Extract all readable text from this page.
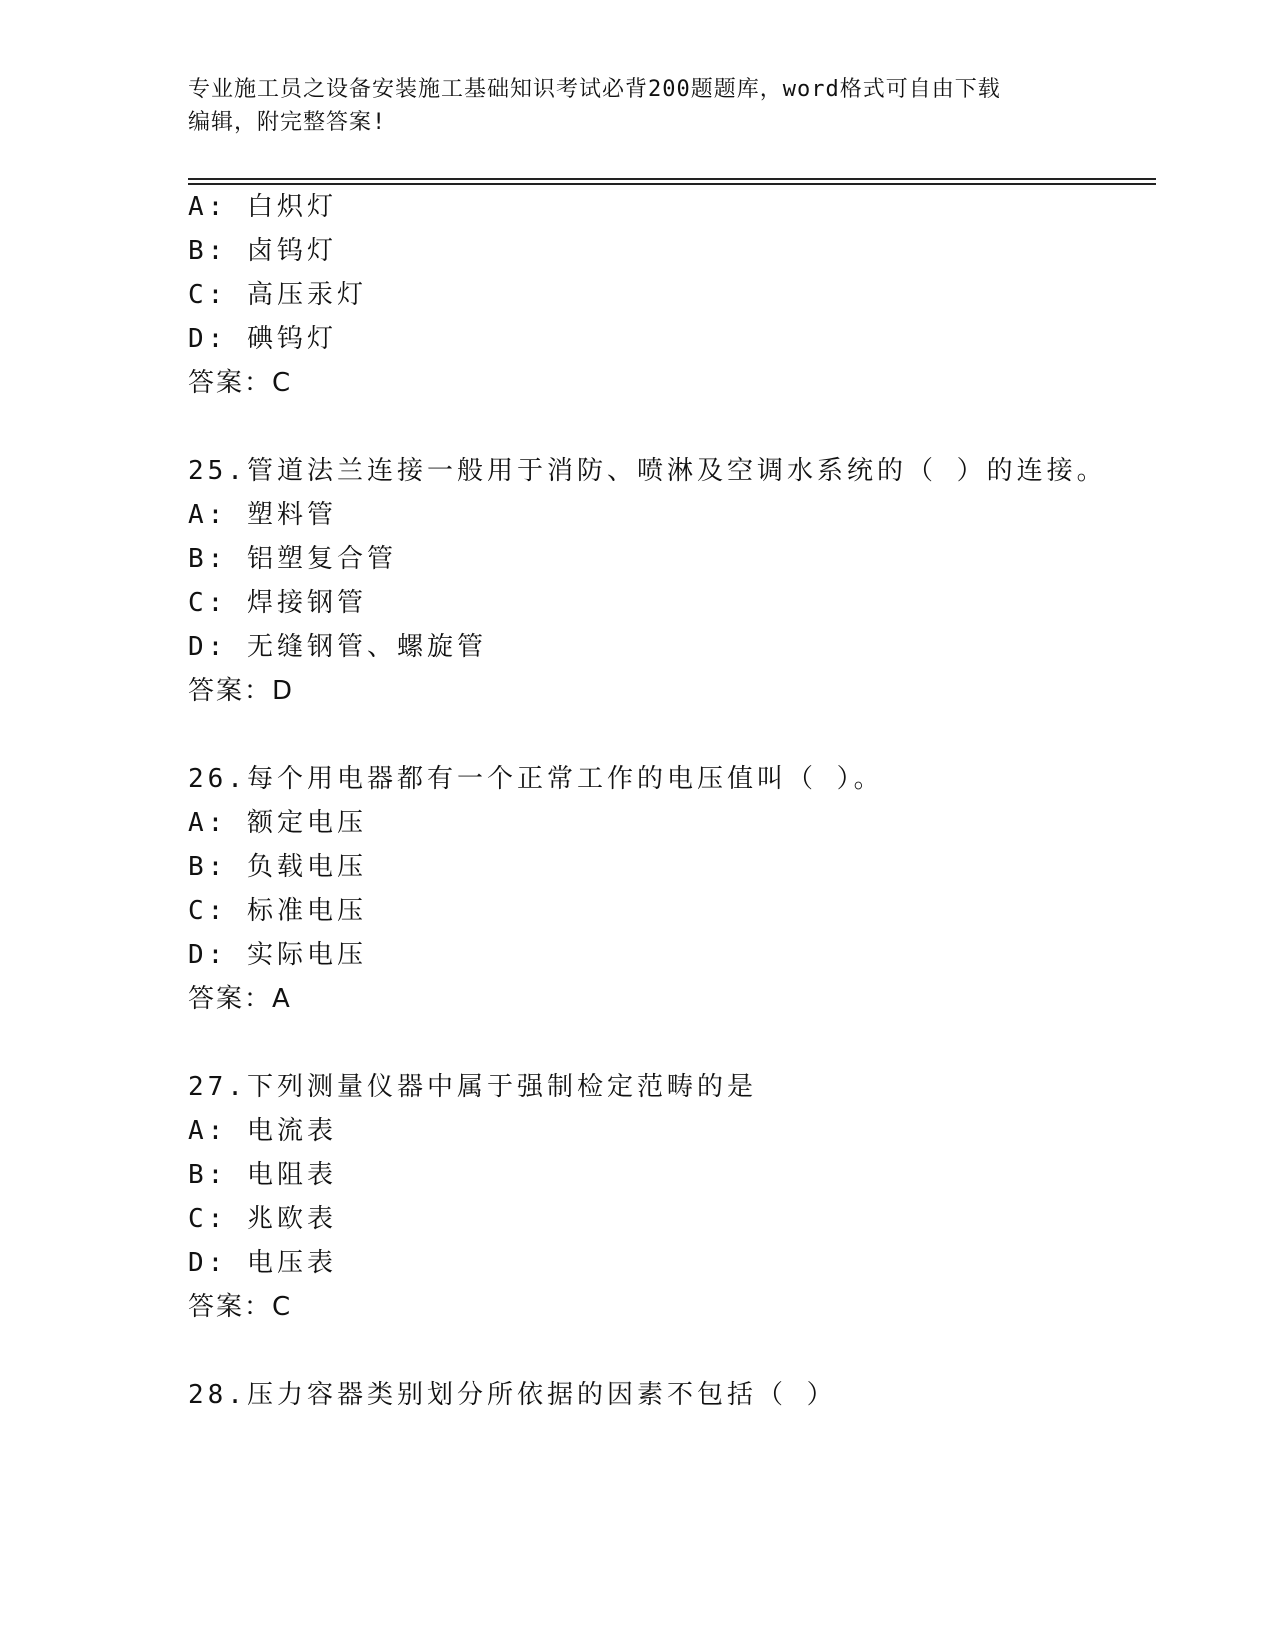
专业施工员之设备安装施工基础知识考试必背200题题库，word格式可自由下载
编辑，附完整答案!
A: 白炽灯
B: 卤钨灯
C: 高压汞灯
D: 碘钨灯
答案：C
25.管道法兰连接一般用于消防、喷淋及空调水系统的（ ）的连接。
A: 塑料管
B: 铝塑复合管
C: 焊接钢管
D: 无缝钢管、螺旋管
答案：D
26.每个用电器都有一个正常工作的电压值叫（ ）。
A: 额定电压
B: 负载电压
C: 标准电压
D: 实际电压
答案：A
27.下列测量仪器中属于强制检定范畴的是
A: 电流表
B: 电阻表
C: 兆欧表
D: 电压表
答案：C
28.压力容器类别划分所依据的因素不包括（ ）
